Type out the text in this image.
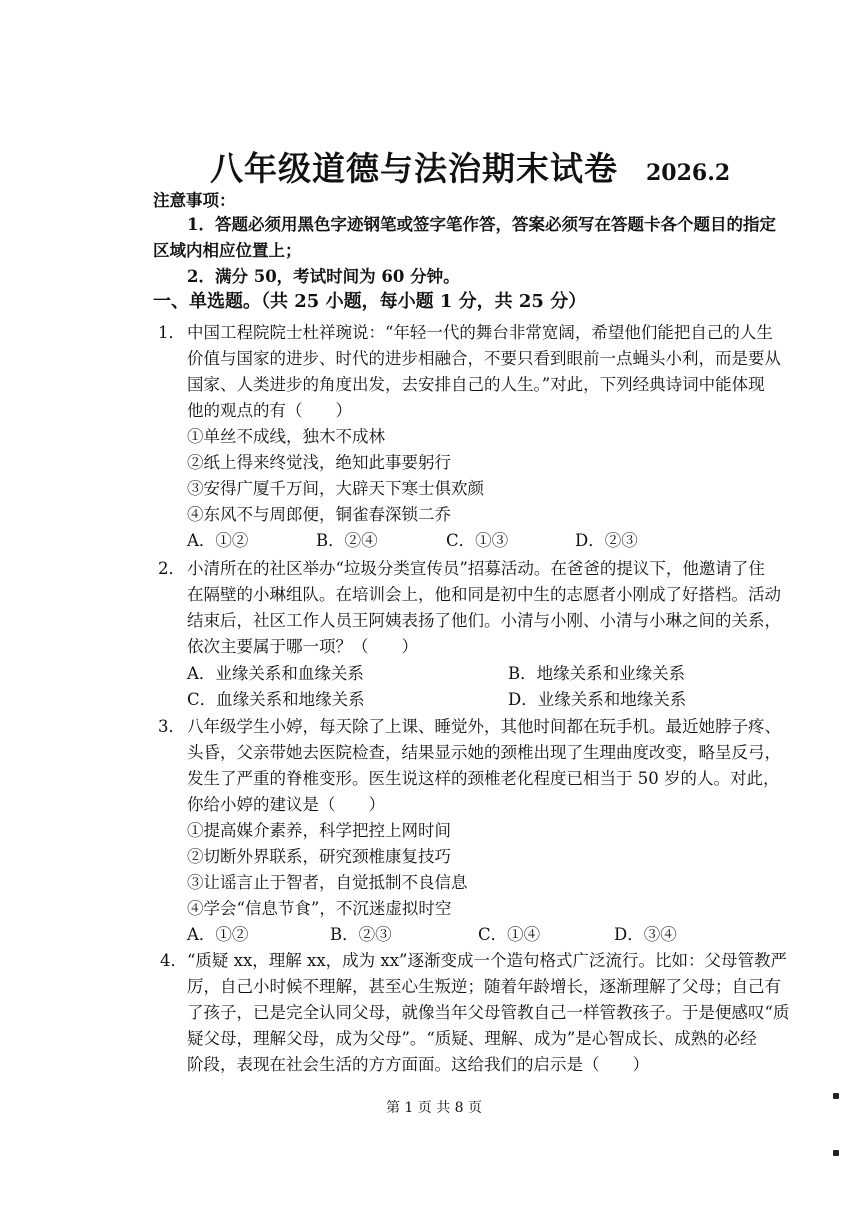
八年级道德与法治期末试卷 2026.2
注意事项：
1．答题必须用黑色字迹钢笔或签字笔作答，答案必须写在答题卡各个题目的指定
区域内相应位置上；
2．满分 50，考试时间为 60 分钟。
一、单选题。（共 25 小题，每小题 1 分，共 25 分）
1． 中国工程院院士杜祥琬说：“年轻一代的舞台非常宽阔，希望他们能把自己的人生
价值与国家的进步、时代的进步相融合，不要只看到眼前一点蝇头小利，而是要从
国家、人类进步的角度出发，去安排自己的人生。”对此，下列经典诗词中能体现
他的观点的有（　　）
①单丝不成线，独木不成林
②纸上得来终觉浅，绝知此事要躬行
③安得广厦千万间，大辟天下寒士俱欢颜
④东风不与周郎便，铜雀春深锁二乔
A．①②	B．②④	C．①③	D．②③
2． 小清所在的社区举办“垃圾分类宣传员”招募活动。在爸爸的提议下，他邀请了住
在隔壁的小琳组队。在培训会上，他和同是初中生的志愿者小刚成了好搭档。活动
结束后，社区工作人员王阿姨表扬了他们。小清与小刚、小清与小琳之间的关系，
依次主要属于哪一项？（　　）
A．业缘关系和血缘关系	B．地缘关系和业缘关系
C．血缘关系和地缘关系	D．业缘关系和地缘关系
3． 八年级学生小婷，每天除了上课、睡觉外，其他时间都在玩手机。最近她脖子疼、
头昏，父亲带她去医院检查，结果显示她的颈椎出现了生理曲度改变，略呈反弓，
发生了严重的脊椎变形。医生说这样的颈椎老化程度已相当于 50 岁的人。对此，
你给小婷的建议是（　　）
①提高媒介素养，科学把控上网时间
②切断外界联系，研究颈椎康复技巧
③让谣言止于智者，自觉抵制不良信息
④学会“信息节食”，不沉迷虚拟时空
A．①②	B．②③	C．①④	D．③④
4． “质疑 xx，理解 xx，成为 xx”逐渐变成一个造句格式广泛流行。比如：父母管教严
厉，自己小时候不理解，甚至心生叛逆；随着年龄增长，逐渐理解了父母；自己有
了孩子，已是完全认同父母，就像当年父母管教自己一样管教孩子。于是便感叹“质
疑父母，理解父母，成为父母”。“质疑、理解、成为”是心智成长、成熟的必经
阶段，表现在社会生活的方方面面。这给我们的启示是（　　）
第 1 页 共 8 页
